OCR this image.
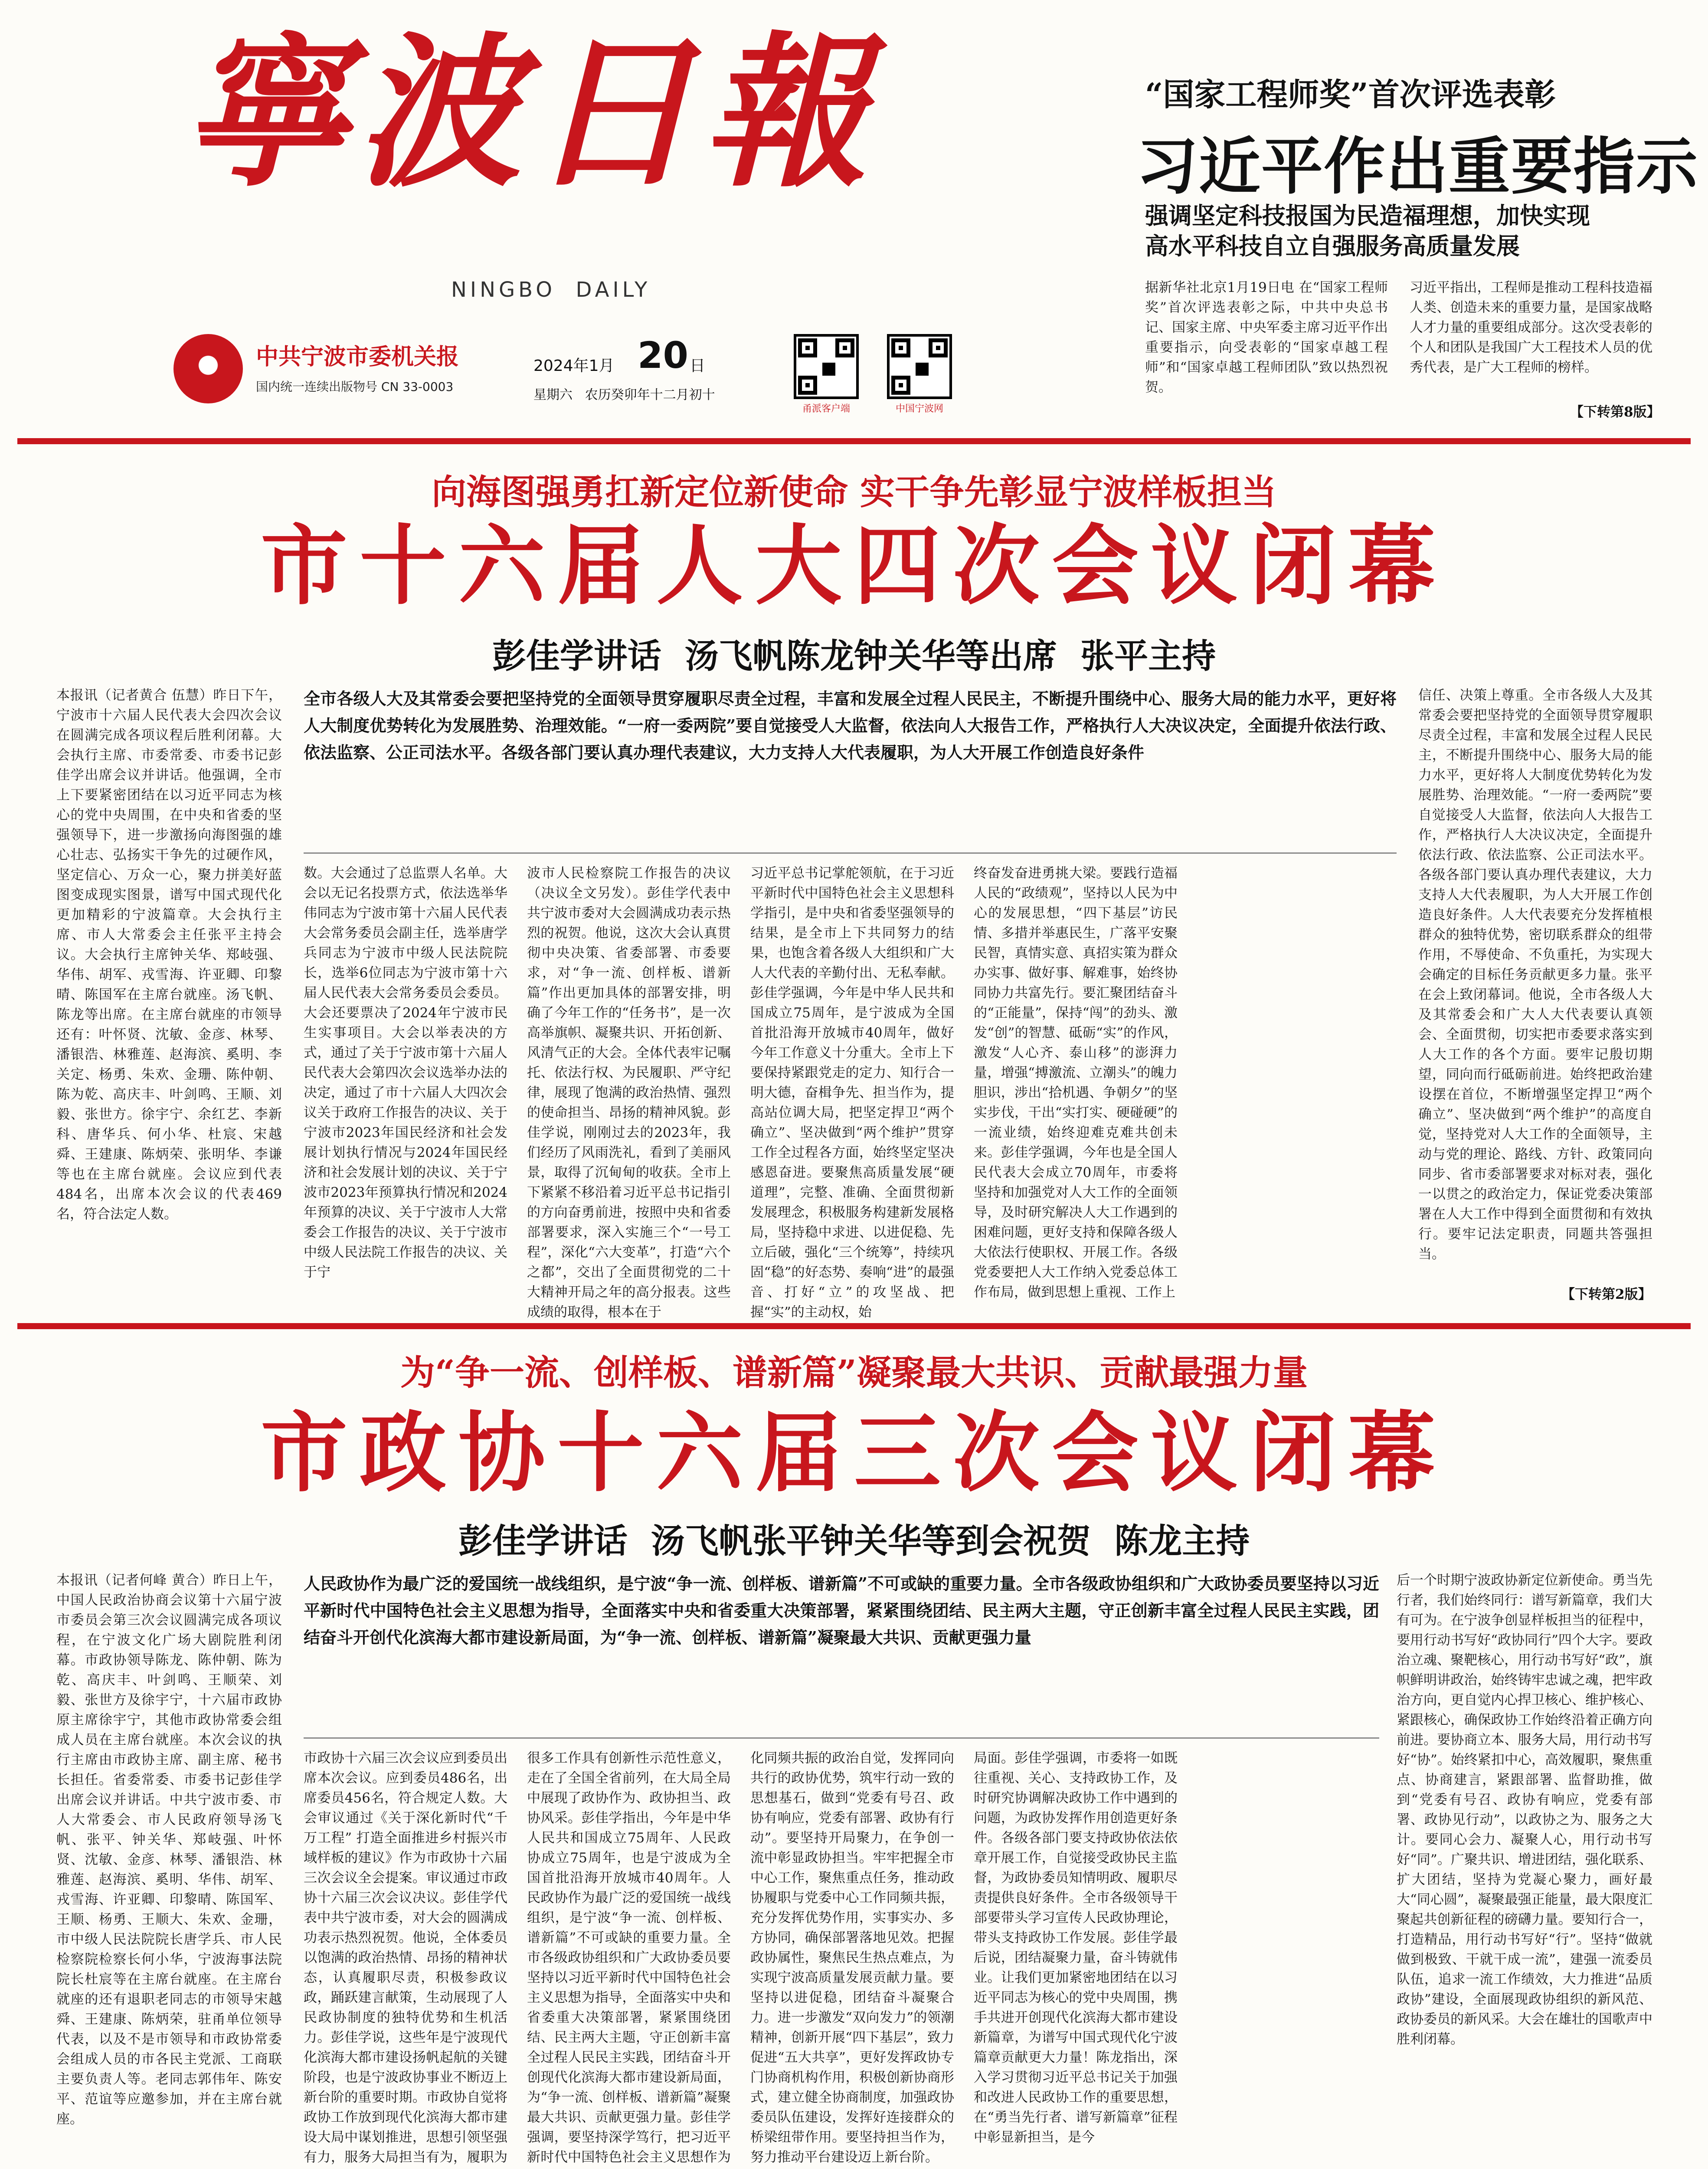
寧波日報
NINGBO  DAILY
中共宁波市委机关报
国内统一连续出版物号 CN 33-0003
2024年1月 20 日
星期六   农历癸卯年十二月初十
甬派客户端	中国宁波网
“国家工程师奖”首次评选表彰
习近平作出重要指示
强调坚定科技报国为民造福理想，加快实现
高水平科技自立自强服务高质量发展
据新华社北京1月19日电 在“国家工程师奖”首次评选表彰之际，中共中央总书记、国家主席、中央军委主席习近平作出重要指示，向受表彰的“国家卓越工程师”和“国家卓越工程师团队”致以热烈祝贺。
习近平指出，工程师是推动工程科技造福人类、创造未来的重要力量，是国家战略人才力量的重要组成部分。这次受表彰的个人和团队是我国广大工程技术人员的优秀代表，是广大工程师的榜样。
【下转第8版】
向海图强勇扛新定位新使命 实干争先彰显宁波样板担当
市十六届人大四次会议闭幕
彭佳学讲话  汤飞帆陈龙钟关华等出席  张平主持
本报讯（记者黄合 伍慧）昨日下午，宁波市十六届人民代表大会四次会议在圆满完成各项议程后胜利闭幕。大会执行主席、市委常委、市委书记彭佳学出席会议并讲话。他强调，全市上下要紧密团结在以习近平同志为核心的党中央周围，在中央和省委的坚强领导下，进一步激扬向海图强的雄心壮志、弘扬实干争先的过硬作风，坚定信心、万众一心，聚力拼美好蓝图变成现实图景，谱写中国式现代化更加精彩的宁波篇章。大会执行主席、市人大常委会主任张平主持会议。大会执行主席钟关华、郑岐强、华伟、胡军、戎雪海、许亚卿、印黎晴、陈国军在主席台就座。汤飞帆、陈龙等出席。在主席台就座的市领导还有：叶怀贤、沈敏、金彦、林琴、潘银浩、林雅莲、赵海滨、奚明、李关定、杨勇、朱欢、金珊、陈仲朝、陈为乾、高庆丰、叶剑鸣、王顺、刘毅、张世方。徐宇宁、余红艺、李新科、唐华兵、何小华、杜宸、宋越舜、王建康、陈炳荣、张明华、李谦等也在主席台就座。会议应到代表484名，出席本次会议的代表469名，符合法定人数。
全市各级人大及其常委会要把坚持党的全面领导贯穿履职尽责全过程，丰富和发展全过程人民民主，不断提升围绕中心、服务大局的能力水平，更好将人大制度优势转化为发展胜势、治理效能。“一府一委两院”要自觉接受人大监督，依法向人大报告工作，严格执行人大决议决定，全面提升依法行政、依法监察、公正司法水平。各级各部门要认真办理代表建议，大力支持人大代表履职，为人大开展工作创造良好条件
数。大会通过了总监票人名单。大会以无记名投票方式，依法选举华伟同志为宁波市第十六届人民代表大会常务委员会副主任，选举唐学兵同志为宁波市中级人民法院院长，选举6位同志为宁波市第十六届人民代表大会常务委员会委员。大会还要票决了2024年宁波市民生实事项目。大会以举表决的方式，通过了关于宁波市第十六届人民代表大会第四次会议选举办法的决定，通过了市十六届人大四次会议关于政府工作报告的决议、关于宁波市2023年国民经济和社会发展计划执行情况与2024年国民经济和社会发展计划的决议、关于宁波市2023年预算执行情况和2024年预算的决议、关于宁波市人大常委会工作报告的决议、关于宁波市中级人民法院工作报告的决议、关于宁
波市人民检察院工作报告的决议（决议全文另发）。彭佳学代表中共宁波市委对大会圆满成功表示热烈的祝贺。他说，这次大会认真贯彻中央决策、省委部署、市委要求，对“争一流、创样板、谱新篇”作出更加具体的部署安排，明确了今年工作的“任务书”，是一次高举旗帜、凝聚共识、开拓创新、风清气正的大会。全体代表牢记嘱托、依法行权、为民履职、严守纪律，展现了饱满的政治热情、强烈的使命担当、昂扬的精神风貌。彭佳学说，刚刚过去的2023年，我们经历了风雨洗礼，看到了美丽风景，取得了沉甸甸的收获。全市上下紧紧不移沿着习近平总书记指引的方向奋勇前进，按照中央和省委部署要求，深入实施三个“一号工程”，深化“六大变革”，打造“六个之都”，交出了全面贯彻党的二十大精神开局之年的高分报表。这些成绩的取得，根本在于
习近平总书记掌舵领航，在于习近平新时代中国特色社会主义思想科学指引，是中央和省委坚强领导的结果，是全市上下共同努力的结果，也饱含着各级人大组织和广大人大代表的辛勤付出、无私奉献。彭佳学强调，今年是中华人民共和国成立75周年，是宁波成为全国首批沿海开放城市40周年，做好今年工作意义十分重大。全市上下要保持紧跟党走的定力、知行合一明大德，奋楫争先、担当作为，提高站位调大局，把坚定捍卫“两个确立”、坚决做到“两个维护”贯穿工作全过程各方面，始终坚定坚决感恩奋进。要聚焦高质量发展“硬道理”，完整、准确、全面贯彻新发展理念，积极服务构建新发展格局，坚持稳中求进、以进促稳、先立后破，强化“三个统筹”，持续巩固“稳”的好态势、奏响“进”的最强音、打好“立”的攻坚战、把握“实”的主动权，始
终奋发奋进勇挑大梁。要践行造福人民的“政绩观”，坚持以人民为中心的发展思想，“四下基层”访民情、多措并举惠民生，广落平安聚民智，真情实意、真招实策为群众办实事、做好事、解难事，始终协同协力共富先行。要汇聚团结奋斗的“正能量”，保持“闯”的劲头、激发“创”的智慧、砥砺“实”的作风，激发“人心齐、泰山移”的澎湃力量，增强“搏激流、立潮头”的魄力胆识，涉出“拾机遇、争朝夕”的坚实步伐，干出“实打实、硬碰硬”的一流业绩，始终迎难克难共创未来。彭佳学强调，今年也是全国人民代表大会成立70周年，市委将坚持和加强党对人大工作的全面领导，及时研究解决人大工作遇到的困难问题，更好支持和保障各级人大依法行使职权、开展工作。各级党委要把人大工作纳入党委总体工作布局，做到思想上重视、工作上
信任、决策上尊重。全市各级人大及其常委会要把坚持党的全面领导贯穿履职尽责全过程，丰富和发展全过程人民民主，不断提升围绕中心、服务大局的能力水平，更好将人大制度优势转化为发展胜势、治理效能。“一府一委两院”要自觉接受人大监督，依法向人大报告工作，严格执行人大决议决定，全面提升依法行政、依法监察、公正司法水平。各级各部门要认真办理代表建议，大力支持人大代表履职，为人大开展工作创造良好条件。人大代表要充分发挥植根群众的独特优势，密切联系群众的组带作用，不辱使命、不负重托，为实现大会确定的目标任务贡献更多力量。张平在会上致闭幕词。他说，全市各级人大及其常委会和广大人大代表要认真领会、全面贯彻，切实把市委要求落实到人大工作的各个方面。要牢记殷切期望，同向而行砥砺前进。始终把政治建设摆在首位，不断增强坚定捍卫“两个确立”、坚决做到“两个维护”的高度自觉，坚持党对人大工作的全面领导，主动与党的理论、路线、方针、政策同向同步、省市委部署要求对标对表，强化一以贯之的政治定力，保证党委决策部署在人大工作中得到全面贯彻和有效执行。要牢记法定职责，同题共答强担当。
【下转第2版】
为“争一流、创样板、谱新篇”凝聚最大共识、贡献最强力量
市政协十六届三次会议闭幕
彭佳学讲话  汤飞帆张平钟关华等到会祝贺  陈龙主持
本报讯（记者何峰 黄合）昨日上午，中国人民政治协商会议第十六届宁波市委员会第三次会议圆满完成各项议程，在宁波文化广场大剧院胜利闭幕。市政协领导陈龙、陈仲朝、陈为乾、高庆丰、叶剑鸣、王顺荣、刘毅、张世方及徐宇宁，十六届市政协原主席徐宇宁，其他市政协常委会组成人员在主席台就座。本次会议的执行主席由市政协主席、副主席、秘书长担任。省委常委、市委书记彭佳学出席会议并讲话。中共宁波市委、市人大常委会、市人民政府领导汤飞帆、张平、钟关华、郑岐强、叶怀贤、沈敏、金彦、林琴、潘银浩、林雅莲、赵海滨、奚明、华伟、胡军、戎雪海、许亚卿、印黎晴、陈国军、王顺、杨勇、王顺大、朱欢、金珊，市中级人民法院院长唐学兵、市人民检察院检察长何小华，宁波海事法院院长杜宸等在主席台就座。在主席台就座的还有退职老同志的市领导宋越舜、王建康、陈炳荣，驻甬单位领导代表，以及不是市领导和市政协常委会组成人员的市各民主党派、工商联主要负责人等。老同志郭伟年、陈安平、范谊等应邀参加，并在主席台就座。
人民政协作为最广泛的爱国统一战线组织，是宁波“争一流、创样板、谱新篇”不可或缺的重要力量。全市各级政协组织和广大政协委员要坚持以习近平新时代中国特色社会主义思想为指导，全面落实中央和省委重大决策部署，紧紧围绕团结、民主两大主题，守正创新丰富全过程人民民主实践，团结奋斗开创代化滨海大都市建设新局面，为“争一流、创样板、谱新篇”凝聚最大共识、贡献更强力量
市政协十六届三次会议应到委员出席本次会议。应到委员486名，出席委员456名，符合规定人数。大会审议通过《关于深化新时代“千万工程” 打造全面推进乡村振兴市域样板的建议》作为市政协十六届三次会议全会提案。审议通过市政协十六届三次会议决议。彭佳学代表中共宁波市委，对大会的圆满成功表示热烈祝贺。他说，全体委员以饱满的政治热情、昂扬的精神状态，认真履职尽责，积极参政议政，踊跃建言献策，生动展现了人民政协制度的独特优势和生机活力。彭佳学说，这些年是宁波现代化滨海大都市建设扬帆起航的关键阶段，也是宁波政协事业不断迈上新台阶的重要时期。市政协自觉将政协工作放到现代化滨海大都市建设大局中谋划推进，思想引领坚强有力，服务大局担当有为，履职为
很多工作具有创新性示范性意义，走在了全国全省前列，在大局全局中展现了政协作为、政协担当、政协风采。彭佳学指出，今年是中华人民共和国成立75周年、人民政协成立75周年，也是宁波成为全国首批沿海开放城市40周年。人民政协作为最广泛的爱国统一战线组织，是宁波“争一流、创样板、谱新篇”不可或缺的重要力量。全市各级政协组织和广大政协委员要坚持以习近平新时代中国特色社会主义思想为指导，全面落实中央和省委重大决策部署，紧紧围绕团结、民主两大主题，守正创新丰富全过程人民民主实践，团结奋斗开创现代化滨海大都市建设新局面，为“争一流、创样板、谱新篇”凝聚最大共识、贡献更强力量。彭佳学强调，要坚持深学笃行，把习近平新时代中国特色社会主义思想作为
化同频共振的政治自觉，发挥同向共行的政协优势，筑牢行动一致的思想基石，做到“党委有号召、政协有响应，党委有部署、政协有行动”。要坚持开局聚力，在争创一流中彰显政协担当。牢牢把握全市中心工作，聚焦重点任务，推动政协履职与党委中心工作同频共振，充分发挥优势作用，实事实办、多方协同，确保部署落地见效。把握政协属性，聚焦民生热点难点，为实现宁波高质量发展贡献力量。要坚持以进促稳，团结奋斗凝聚合力。进一步激发“双向发力”的领潮精神，创新开展“四下基层”，致力促进“五大共享”，更好发挥政协专门协商机构作用，积极创新协商形式，建立健全协商制度，加强政协委员队伍建设，发挥好连接群众的桥梁纽带作用。要坚持担当作为，努力推动平台建设迈上新台阶。
局面。彭佳学强调，市委将一如既往重视、关心、支持政协工作，及时研究协调解决政协工作中遇到的问题，为政协发挥作用创造更好条件。各级各部门要支持政协依法依章开展工作，自觉接受政协民主监督，为政协委员知情明政、履职尽责提供良好条件。全市各级领导干部要带头学习宣传人民政协理论，带头支持政协工作发展。彭佳学最后说，团结凝聚力量，奋斗铸就伟业。让我们更加紧密地团结在以习近平同志为核心的党中央周围，携手共进开创现代化滨海大都市建设新篇章，为谱写中国式现代化宁波篇章贡献更大力量！陈龙指出，深入学习贯彻习近平总书记关于加强和改进人民政协工作的重要思想，在“勇当先行者、谱写新篇章”征程中彰显新担当，是今
后一个时期宁波政协新定位新使命。勇当先行者，我们始终同行：谱写新篇章，我们大有可为。在宁波争创显样板担当的征程中，要用行动书写好“政协同行”四个大字。要政治立魂、聚靶核心，用行动书写好“政”，旗帜鲜明讲政治，始终铸牢忠诚之魂，把牢政治方向，更自觉内心捍卫核心、维护核心、紧跟核心，确保政协工作始终沿着正确方向前进。要协商立本、服务大局，用行动书写好“协”。始终紧扣中心，高效履职，聚焦重点、协商建言，紧跟部署、监督助推，做到“党委有号召、政协有响应，党委有部署、政协见行动”，以政协之为、服务之大计。要同心会力、凝聚人心，用行动书写好“同”。广聚共识、增进团结，强化联系、扩大团结，坚持为党凝心聚力，画好最大“同心圆”，凝聚最强正能量，最大限度汇聚起共创新征程的磅礴力量。要知行合一，打造精品，用行动书写好“行”。坚持“做就做到极致、干就干成一流”，建强一流委员队伍，追求一流工作绩效，大力推进“品质政协”建设，全面展现政协组织的新风范、政协委员的新风采。大会在雄壮的国歌声中胜利闭幕。
